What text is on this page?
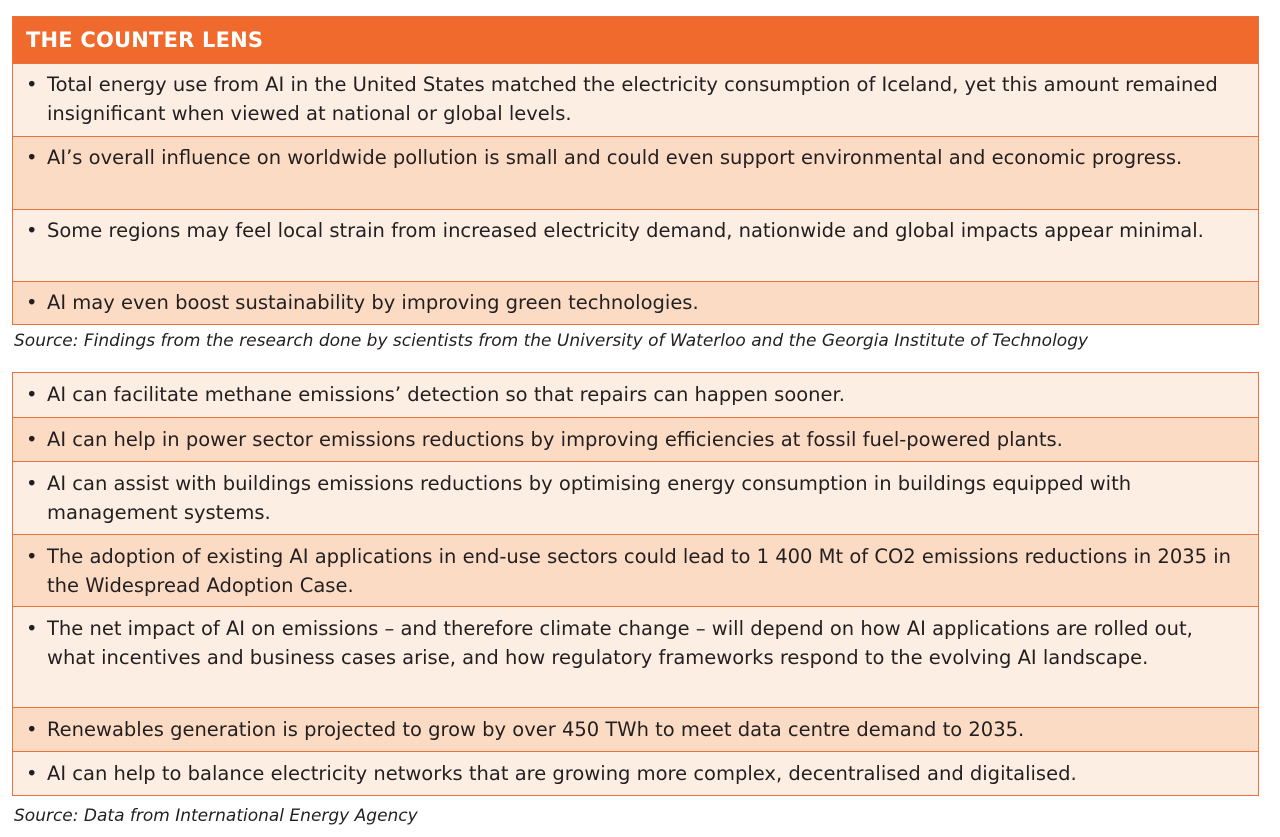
THE COUNTER LENS
• Total energy use from AI in the United States matched the electricity consumption of Iceland, yet this amount remained insignificant when viewed at national or global levels.
• AI’s overall influence on worldwide pollution is small and could even support environmental and economic progress.
• Some regions may feel local strain from increased electricity demand, nationwide and global impacts appear minimal.
• AI may even boost sustainability by improving green technologies.
Source: Findings from the research done by scientists from the University of Waterloo and the Georgia Institute of Technology
• AI can facilitate methane emissions’ detection so that repairs can happen sooner.
• AI can help in power sector emissions reductions by improving efficiencies at fossil fuel-powered plants.
• AI can assist with buildings emissions reductions by optimising energy consumption in buildings equipped with management systems.
• The adoption of existing AI applications in end-use sectors could lead to 1 400 Mt of CO2 emissions reductions in 2035 in the Widespread Adoption Case.
• The net impact of AI on emissions – and therefore climate change – will depend on how AI applications are rolled out, what incentives and business cases arise, and how regulatory frameworks respond to the evolving AI landscape.
• Renewables generation is projected to grow by over 450 TWh to meet data centre demand to 2035.
• AI can help to balance electricity networks that are growing more complex, decentralised and digitalised.
Source: Data from International Energy Agency
